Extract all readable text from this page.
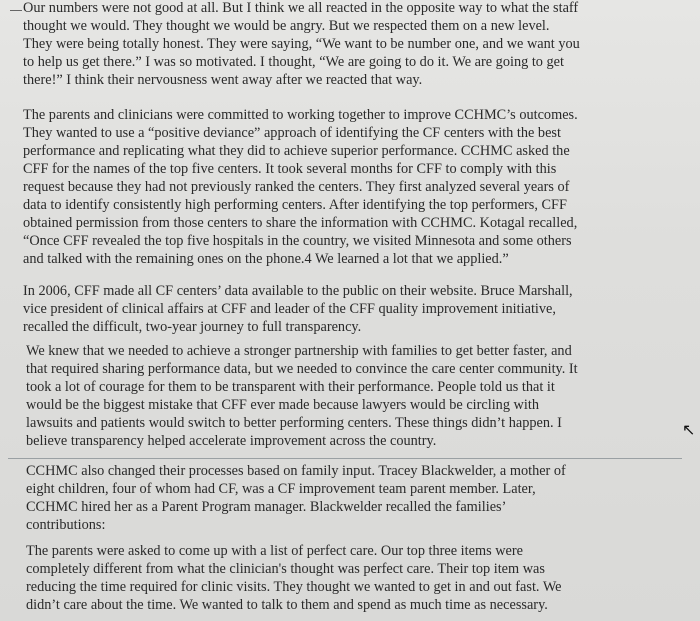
Our numbers were not good at all. But I think we all reacted in the opposite way to what the staff
thought we would. They thought we would be angry. But we respected them on a new level.
They were being totally honest. They were saying, “We want to be number one, and we want you
to help us get there.” I was so motivated. I thought, “We are going to do it. We are going to get
there!” I think their nervousness went away after we reacted that way.
The parents and clinicians were committed to working together to improve CCHMC’s outcomes.
They wanted to use a “positive deviance” approach of identifying the CF centers with the best
performance and replicating what they did to achieve superior performance. CCHMC asked the
CFF for the names of the top five centers. It took several months for CFF to comply with this
request because they had not previously ranked the centers. They first analyzed several years of
data to identify consistently high performing centers. After identifying the top performers, CFF
obtained permission from those centers to share the information with CCHMC. Kotagal recalled,
“Once CFF revealed the top five hospitals in the country, we visited Minnesota and some others
and talked with the remaining ones on the phone.4 We learned a lot that we applied.”
In 2006, CFF made all CF centers’ data available to the public on their website. Bruce Marshall,
vice president of clinical affairs at CFF and leader of the CFF quality improvement initiative,
recalled the difficult, two-year journey to full transparency.
We knew that we needed to achieve a stronger partnership with families to get better faster, and
that required sharing performance data, but we needed to convince the care center community. It
took a lot of courage for them to be transparent with their performance. People told us that it
would be the biggest mistake that CFF ever made because lawyers would be circling with
lawsuits and patients would switch to better performing centers. These things didn’t happen. I
believe transparency helped accelerate improvement across the country.
↖
CCHMC also changed their processes based on family input. Tracey Blackwelder, a mother of
eight children, four of whom had CF, was a CF improvement team parent member. Later,
CCHMC hired her as a Parent Program manager. Blackwelder recalled the families’
contributions:
The parents were asked to come up with a list of perfect care. Our top three items were
completely different from what the clinician's thought was perfect care. Their top item was
reducing the time required for clinic visits. They thought we wanted to get in and out fast. We
didn’t care about the time. We wanted to talk to them and spend as much time as necessary.
